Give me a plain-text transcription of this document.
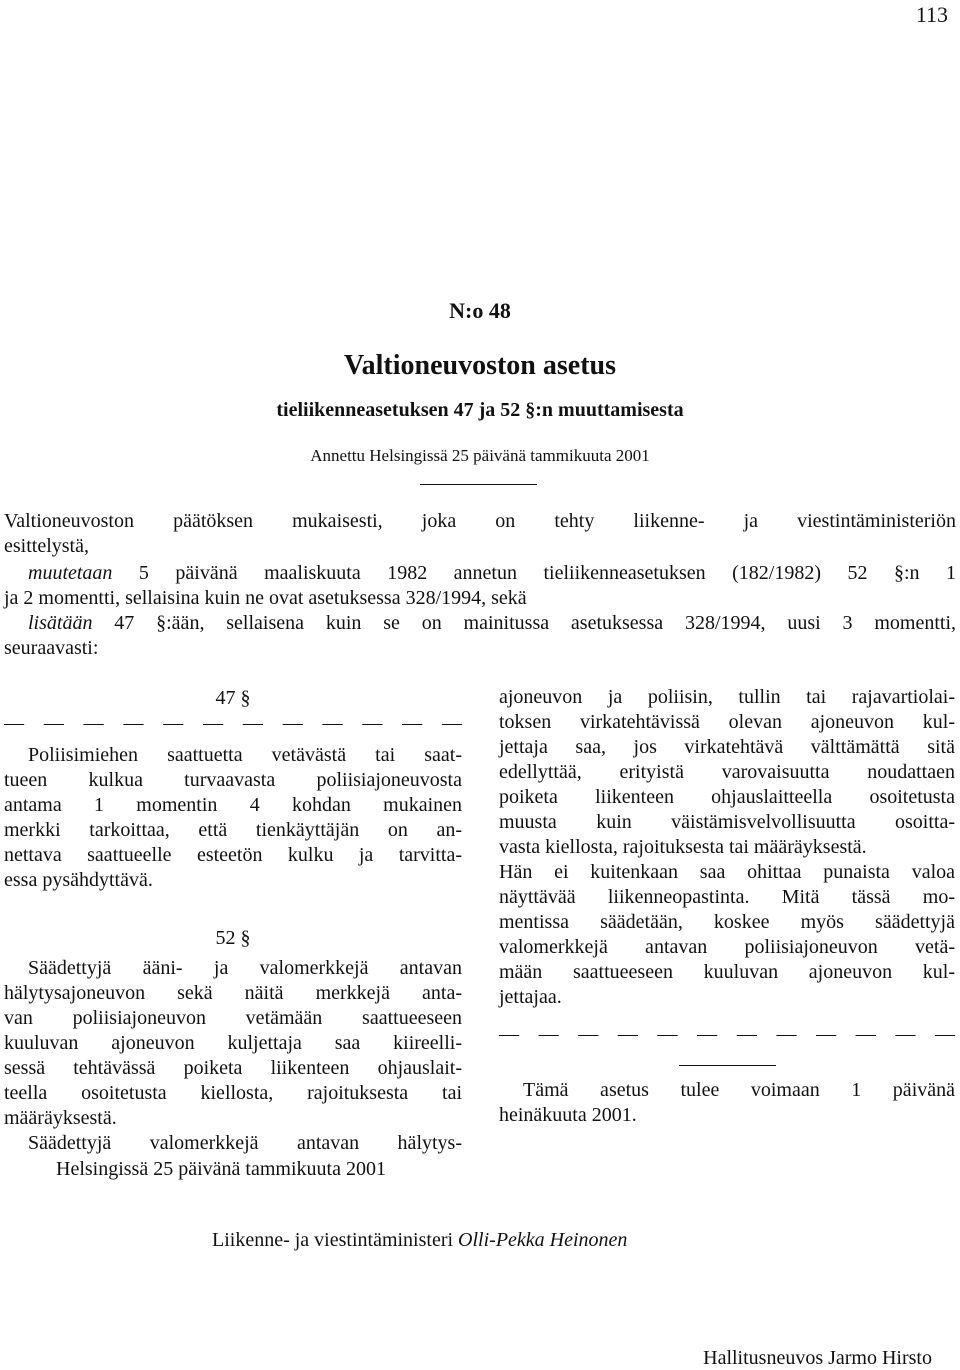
113
N:o 48
Valtioneuvoston asetus
tieliikenneasetuksen 47 ja 52 §:n muuttamisesta
Annettu Helsingissä 25 päivänä tammikuuta 2001
Valtioneuvoston päätöksen mukaisesti, joka on tehty liikenne- ja viestintäministeriön
esittelystä,
muutetaan 5 päivänä maaliskuuta 1982 annetun tieliikenneasetuksen (182/1982) 52 §:n 1
ja 2 momentti, sellaisina kuin ne ovat asetuksessa 328/1994, sekä
lisätään 47 §:ään, sellaisena kuin se on mainitussa asetuksessa 328/1994, uusi 3 momentti,
seuraavasti:
47 §
— — — — — — — — — — — —
Poliisimiehen saattuetta vetävästä tai saat-
tueen kulkua turvaavasta poliisiajoneuvosta
antama 1 momentin 4 kohdan mukainen
merkki tarkoittaa, että tienkäyttäjän on an-
nettava saattueelle esteetön kulku ja tarvitta-
essa pysähdyttävä.
52 §
Säädettyjä ääni- ja valomerkkejä antavan
hälytysajoneuvon sekä näitä merkkejä anta-
van poliisiajoneuvon vetämään saattueeseen
kuuluvan ajoneuvon kuljettaja saa kiireelli-
sessä tehtävässä poiketa liikenteen ohjauslait-
teella osoitetusta kiellosta, rajoituksesta tai
määräyksestä.
Säädettyjä valomerkkejä antavan hälytys-
ajoneuvon ja poliisin, tullin tai rajavartiolai-
toksen virkatehtävissä olevan ajoneuvon kul-
jettaja saa, jos virkatehtävä välttämättä sitä
edellyttää, erityistä varovaisuutta noudattaen
poiketa liikenteen ohjauslaitteella osoitetusta
muusta kuin väistämisvelvollisuutta osoitta-
vasta kiellosta, rajoituksesta tai määräyksestä.
Hän ei kuitenkaan saa ohittaa punaista valoa
näyttävää liikenneopastinta. Mitä tässä mo-
mentissa säädetään, koskee myös säädettyjä
valomerkkejä antavan poliisiajoneuvon vetä-
mään saattueeseen kuuluvan ajoneuvon kul-
jettajaa.
— — — — — — — — — — — —
Tämä asetus tulee voimaan 1 päivänä
heinäkuuta 2001.
Helsingissä 25 päivänä tammikuuta 2001
Liikenne- ja viestintäministeri Olli-Pekka Heinonen
Hallitusneuvos Jarmo Hirsto
